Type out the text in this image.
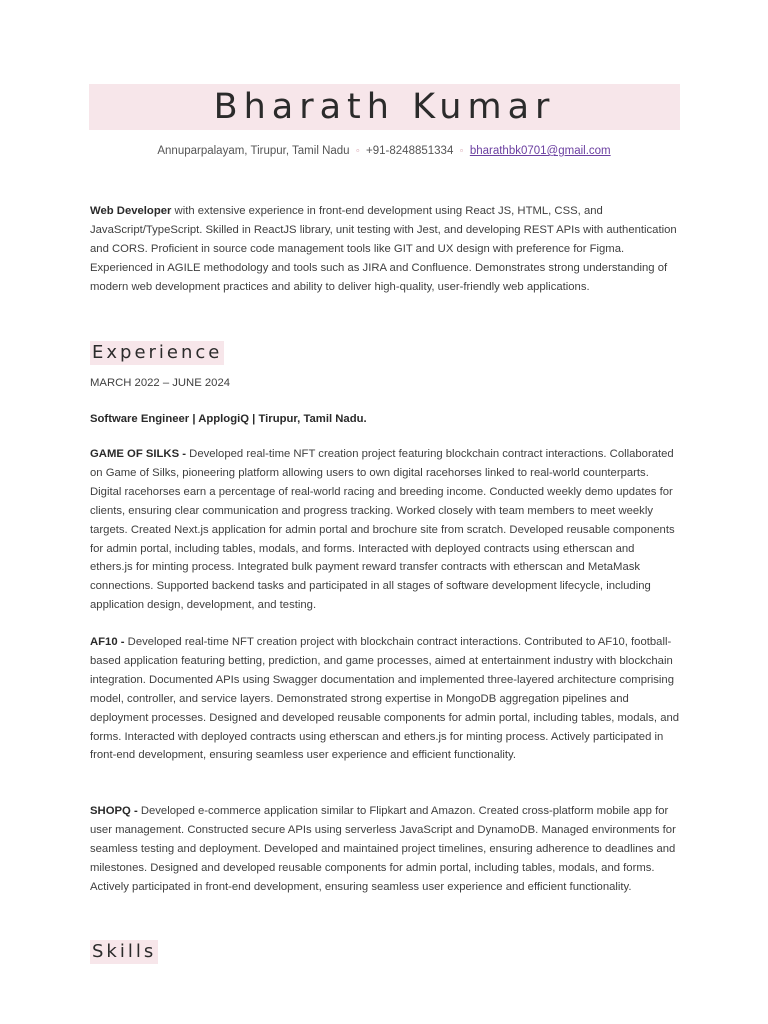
Bharath Kumar
Annuparpalayam, Tirupur, Tamil Nadu ◦ +91-8248851334 ◦ bharathbk0701@gmail.com
Web Developer with extensive experience in front-end development using React JS, HTML, CSS, and JavaScript/TypeScript. Skilled in ReactJS library, unit testing with Jest, and developing REST APIs with authentication and CORS. Proficient in source code management tools like GIT and UX design with preference for Figma. Experienced in AGILE methodology and tools such as JIRA and Confluence. Demonstrates strong understanding of modern web development practices and ability to deliver high-quality, user-friendly web applications.
Experience
MARCH 2022 – JUNE 2024
Software Engineer | ApplogiQ | Tirupur, Tamil Nadu.
GAME OF SILKS - Developed real-time NFT creation project featuring blockchain contract interactions. Collaborated on Game of Silks, pioneering platform allowing users to own digital racehorses linked to real-world counterparts. Digital racehorses earn a percentage of real-world racing and breeding income. Conducted weekly demo updates for clients, ensuring clear communication and progress tracking. Worked closely with team members to meet weekly targets. Created Next.js application for admin portal and brochure site from scratch. Developed reusable components for admin portal, including tables, modals, and forms. Interacted with deployed contracts using etherscan and ethers.js for minting process. Integrated bulk payment reward transfer contracts with etherscan and MetaMask connections. Supported backend tasks and participated in all stages of software development lifecycle, including application design, development, and testing.
AF10 - Developed real-time NFT creation project with blockchain contract interactions. Contributed to AF10, football-based application featuring betting, prediction, and game processes, aimed at entertainment industry with blockchain integration. Documented APIs using Swagger documentation and implemented three-layered architecture comprising model, controller, and service layers. Demonstrated strong expertise in MongoDB aggregation pipelines and deployment processes. Designed and developed reusable components for admin portal, including tables, modals, and forms. Interacted with deployed contracts using etherscan and ethers.js for minting process. Actively participated in front-end development, ensuring seamless user experience and efficient functionality.
SHOPQ - Developed e-commerce application similar to Flipkart and Amazon. Created cross-platform mobile app for user management. Constructed secure APIs using serverless JavaScript and DynamoDB. Managed environments for seamless testing and deployment. Developed and maintained project timelines, ensuring adherence to deadlines and milestones. Designed and developed reusable components for admin portal, including tables, modals, and forms. Actively participated in front-end development, ensuring seamless user experience and efficient functionality.
Skills
